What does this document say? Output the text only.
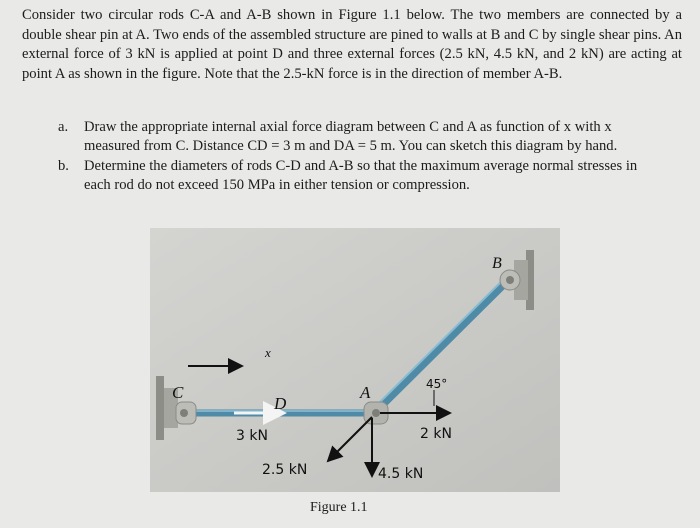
Consider two circular rods C-A and A-B shown in Figure 1.1 below. The two members are connected by a double shear pin at A. Two ends of the assembled structure are pined to walls at B and C by single shear pins. An external force of 3 kN is applied at point D and three external forces (2.5 kN, 4.5 kN, and 2 kN) are acting at point A as shown in the figure. Note that the 2.5-kN force is in the direction of member A-B.
a.	Draw the appropriate internal axial force diagram between C and A as function of x with x measured from C. Distance CD = 3 m and DA = 5 m. You can sketch this diagram by hand.
b.	Determine the diameters of rods C-D and A-B so that the maximum average normal stresses in each rod do not exceed 150 MPa in either tension or compression.
C
x
D
A
B
45°
3 kN	2 kN
2.5 kN	4.5 kN
Figure 1.1
